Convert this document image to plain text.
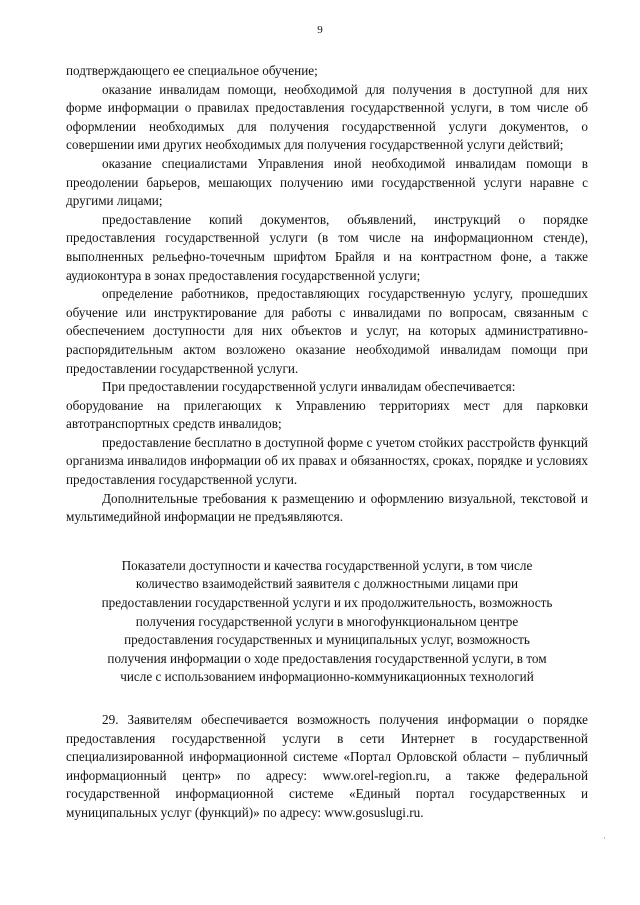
9

подтверждающего ее специальное обучение;

оказание инвалидам помощи, необходимой для получения в доступной для них форме информации о правилах предоставления государственной услуги, в том числе об оформлении необходимых для получения государственной услуги документов, о совершении ими других необходимых для получения государственной услуги действий;

оказание специалистами Управления иной необходимой инвалидам помощи в преодолении барьеров, мешающих получению ими государственной услуги наравне с другими лицами;

предоставление копий документов, объявлений, инструкций о порядке предоставления государственной услуги (в том числе на информационном стенде), выполненных рельефно-точечным шрифтом Брайля и на контрастном фоне, а также аудиоконтура в зонах предоставления государственной услуги;

определение работников, предоставляющих государственную услугу, прошедших обучение или инструктирование для работы с инвалидами по вопросам, связанным с обеспечением доступности для них объектов и услуг, на которых административно-распорядительным актом возложено оказание необходимой инвалидам помощи при предоставлении государственной услуги.

При предоставлении государственной услуги инвалидам обеспечивается:

оборудование на прилегающих к Управлению территориях мест для парковки автотранспортных средств инвалидов;

предоставление бесплатно в доступной форме с учетом стойких расстройств функций организма инвалидов информации об их правах и обязанностях, сроках, порядке и условиях предоставления государственной услуги.

Дополнительные требования к размещению и оформлению визуальной, текстовой и мультимедийной информации не предъявляются.

Показатели доступности и качества государственной услуги, в том числе
количество взаимодействий заявителя с должностными лицами при
предоставлении государственной услуги и их продолжительность, возможность
получения государственной услуги в многофункциональном центре
предоставления государственных и муниципальных услуг, возможность
получения информации о ходе предоставления государственной услуги, в том
числе с использованием информационно-коммуникационных технологий

29. Заявителям обеспечивается возможность получения информации о порядке предоставления государственной услуги в сети Интернет в государственной специализированной информационной системе «Портал Орловской области – публичный информационный центр» по адресу: www.orel-region.ru, а также федеральной государственной информационной системе «Единый портал государственных и муниципальных услуг (функций)» по адресу: www.gosuslugi.ru.

·
